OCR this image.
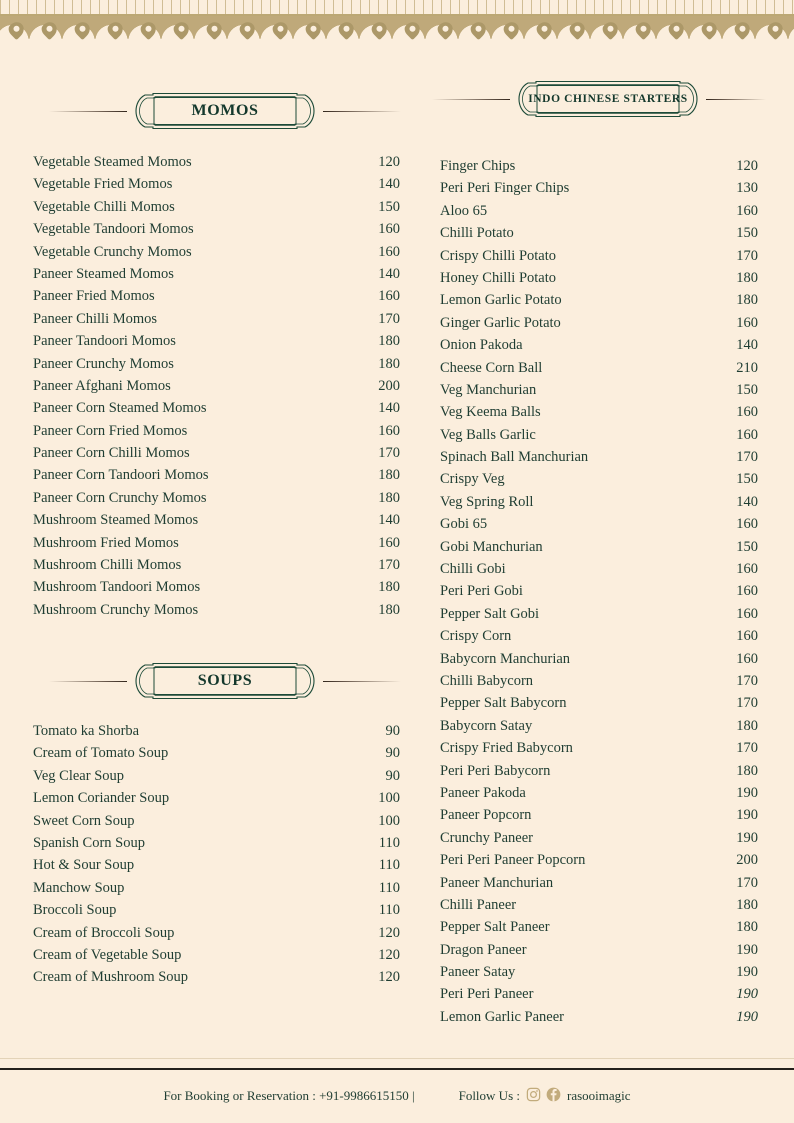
MOMOS
SOUPS
INDO CHINESE STARTERS
Vegetable Steamed Momos	120
Vegetable Fried Momos	140
Vegetable Chilli Momos	150
Vegetable Tandoori Momos	160
Vegetable Crunchy Momos	160
Paneer Steamed Momos	140
Paneer Fried Momos	160
Paneer Chilli Momos	170
Paneer Tandoori Momos	180
Paneer Crunchy Momos	180
Paneer Afghani Momos	200
Paneer Corn Steamed Momos	140
Paneer Corn Fried Momos	160
Paneer Corn Chilli Momos	170
Paneer Corn Tandoori Momos	180
Paneer Corn Crunchy Momos	180
Mushroom Steamed Momos	140
Mushroom Fried Momos	160
Mushroom Chilli Momos	170
Mushroom Tandoori Momos	180
Mushroom Crunchy Momos	180
Tomato ka Shorba	90
Cream of Tomato Soup	90
Veg Clear Soup	90
Lemon Coriander Soup	100
Sweet Corn Soup	100
Spanish Corn Soup	110
Hot & Sour Soup	110
Manchow Soup	110
Broccoli Soup	110
Cream of Broccoli Soup	120
Cream of Vegetable Soup	120
Cream of Mushroom Soup	120
Finger Chips	120
Peri Peri Finger Chips	130
Aloo 65	160
Chilli Potato	150
Crispy Chilli Potato	170
Honey Chilli Potato	180
Lemon Garlic Potato	180
Ginger Garlic Potato	160
Onion Pakoda	140
Cheese Corn Ball	210
Veg Manchurian	150
Veg Keema Balls	160
Veg Balls Garlic	160
Spinach Ball Manchurian	170
Crispy Veg	150
Veg Spring Roll	140
Gobi 65	160
Gobi Manchurian	150
Chilli Gobi	160
Peri Peri Gobi	160
Pepper Salt Gobi	160
Crispy Corn	160
Babycorn Manchurian	160
Chilli Babycorn	170
Pepper Salt Babycorn	170
Babycorn Satay	180
Crispy Fried Babycorn	170
Peri Peri Babycorn	180
Paneer Pakoda	190
Paneer Popcorn	190
Crunchy Paneer	190
Peri Peri Paneer Popcorn	200
Paneer Manchurian	170
Chilli Paneer	180
Pepper Salt Paneer	180
Dragon Paneer	190
Paneer Satay	190
Peri Peri Paneer	190
Lemon Garlic Paneer	190
For Booking or Reservation : +91-9986615150 |	Follow Us :	rasooimagic
